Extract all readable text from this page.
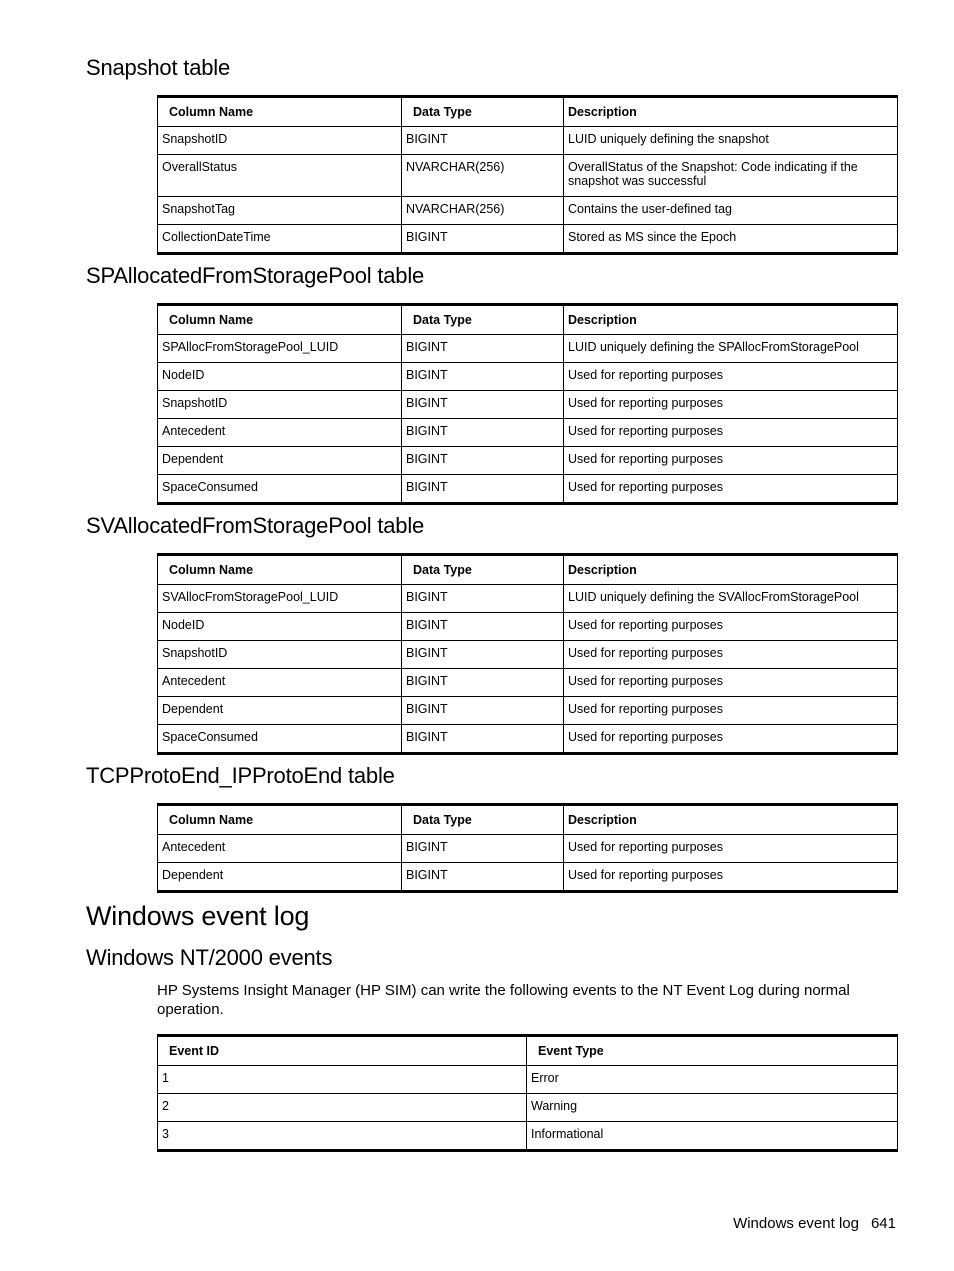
Snapshot table
Column Name	Data Type	Description
SnapshotID	BIGINT	LUID uniquely defining the snapshot
OverallStatus	NVARCHAR(256)	OverallStatus of the Snapshot: Code indicating if the snapshot was successful
SnapshotTag	NVARCHAR(256)	Contains the user-defined tag
CollectionDateTime	BIGINT	Stored as MS since the Epoch
SPAllocatedFromStoragePool table
Column Name	Data Type	Description
SPAllocFromStoragePool_LUID	BIGINT	LUID uniquely defining the SPAllocFromStoragePool
NodeID	BIGINT	Used for reporting purposes
SnapshotID	BIGINT	Used for reporting purposes
Antecedent	BIGINT	Used for reporting purposes
Dependent	BIGINT	Used for reporting purposes
SpaceConsumed	BIGINT	Used for reporting purposes
SVAllocatedFromStoragePool table
Column Name	Data Type	Description
SVAllocFromStoragePool_LUID	BIGINT	LUID uniquely defining the SVAllocFromStoragePool
NodeID	BIGINT	Used for reporting purposes
SnapshotID	BIGINT	Used for reporting purposes
Antecedent	BIGINT	Used for reporting purposes
Dependent	BIGINT	Used for reporting purposes
SpaceConsumed	BIGINT	Used for reporting purposes
TCPProtoEnd_IPProtoEnd table
Column Name	Data Type	Description
Antecedent	BIGINT	Used for reporting purposes
Dependent	BIGINT	Used for reporting purposes
Windows event log
Windows NT/2000 events

HP Systems Insight Manager (HP SIM) can write the following events to the NT Event Log during normal operation.

Event ID	Event Type
1	Error
2	Warning
3	Informational
Windows event log 641
